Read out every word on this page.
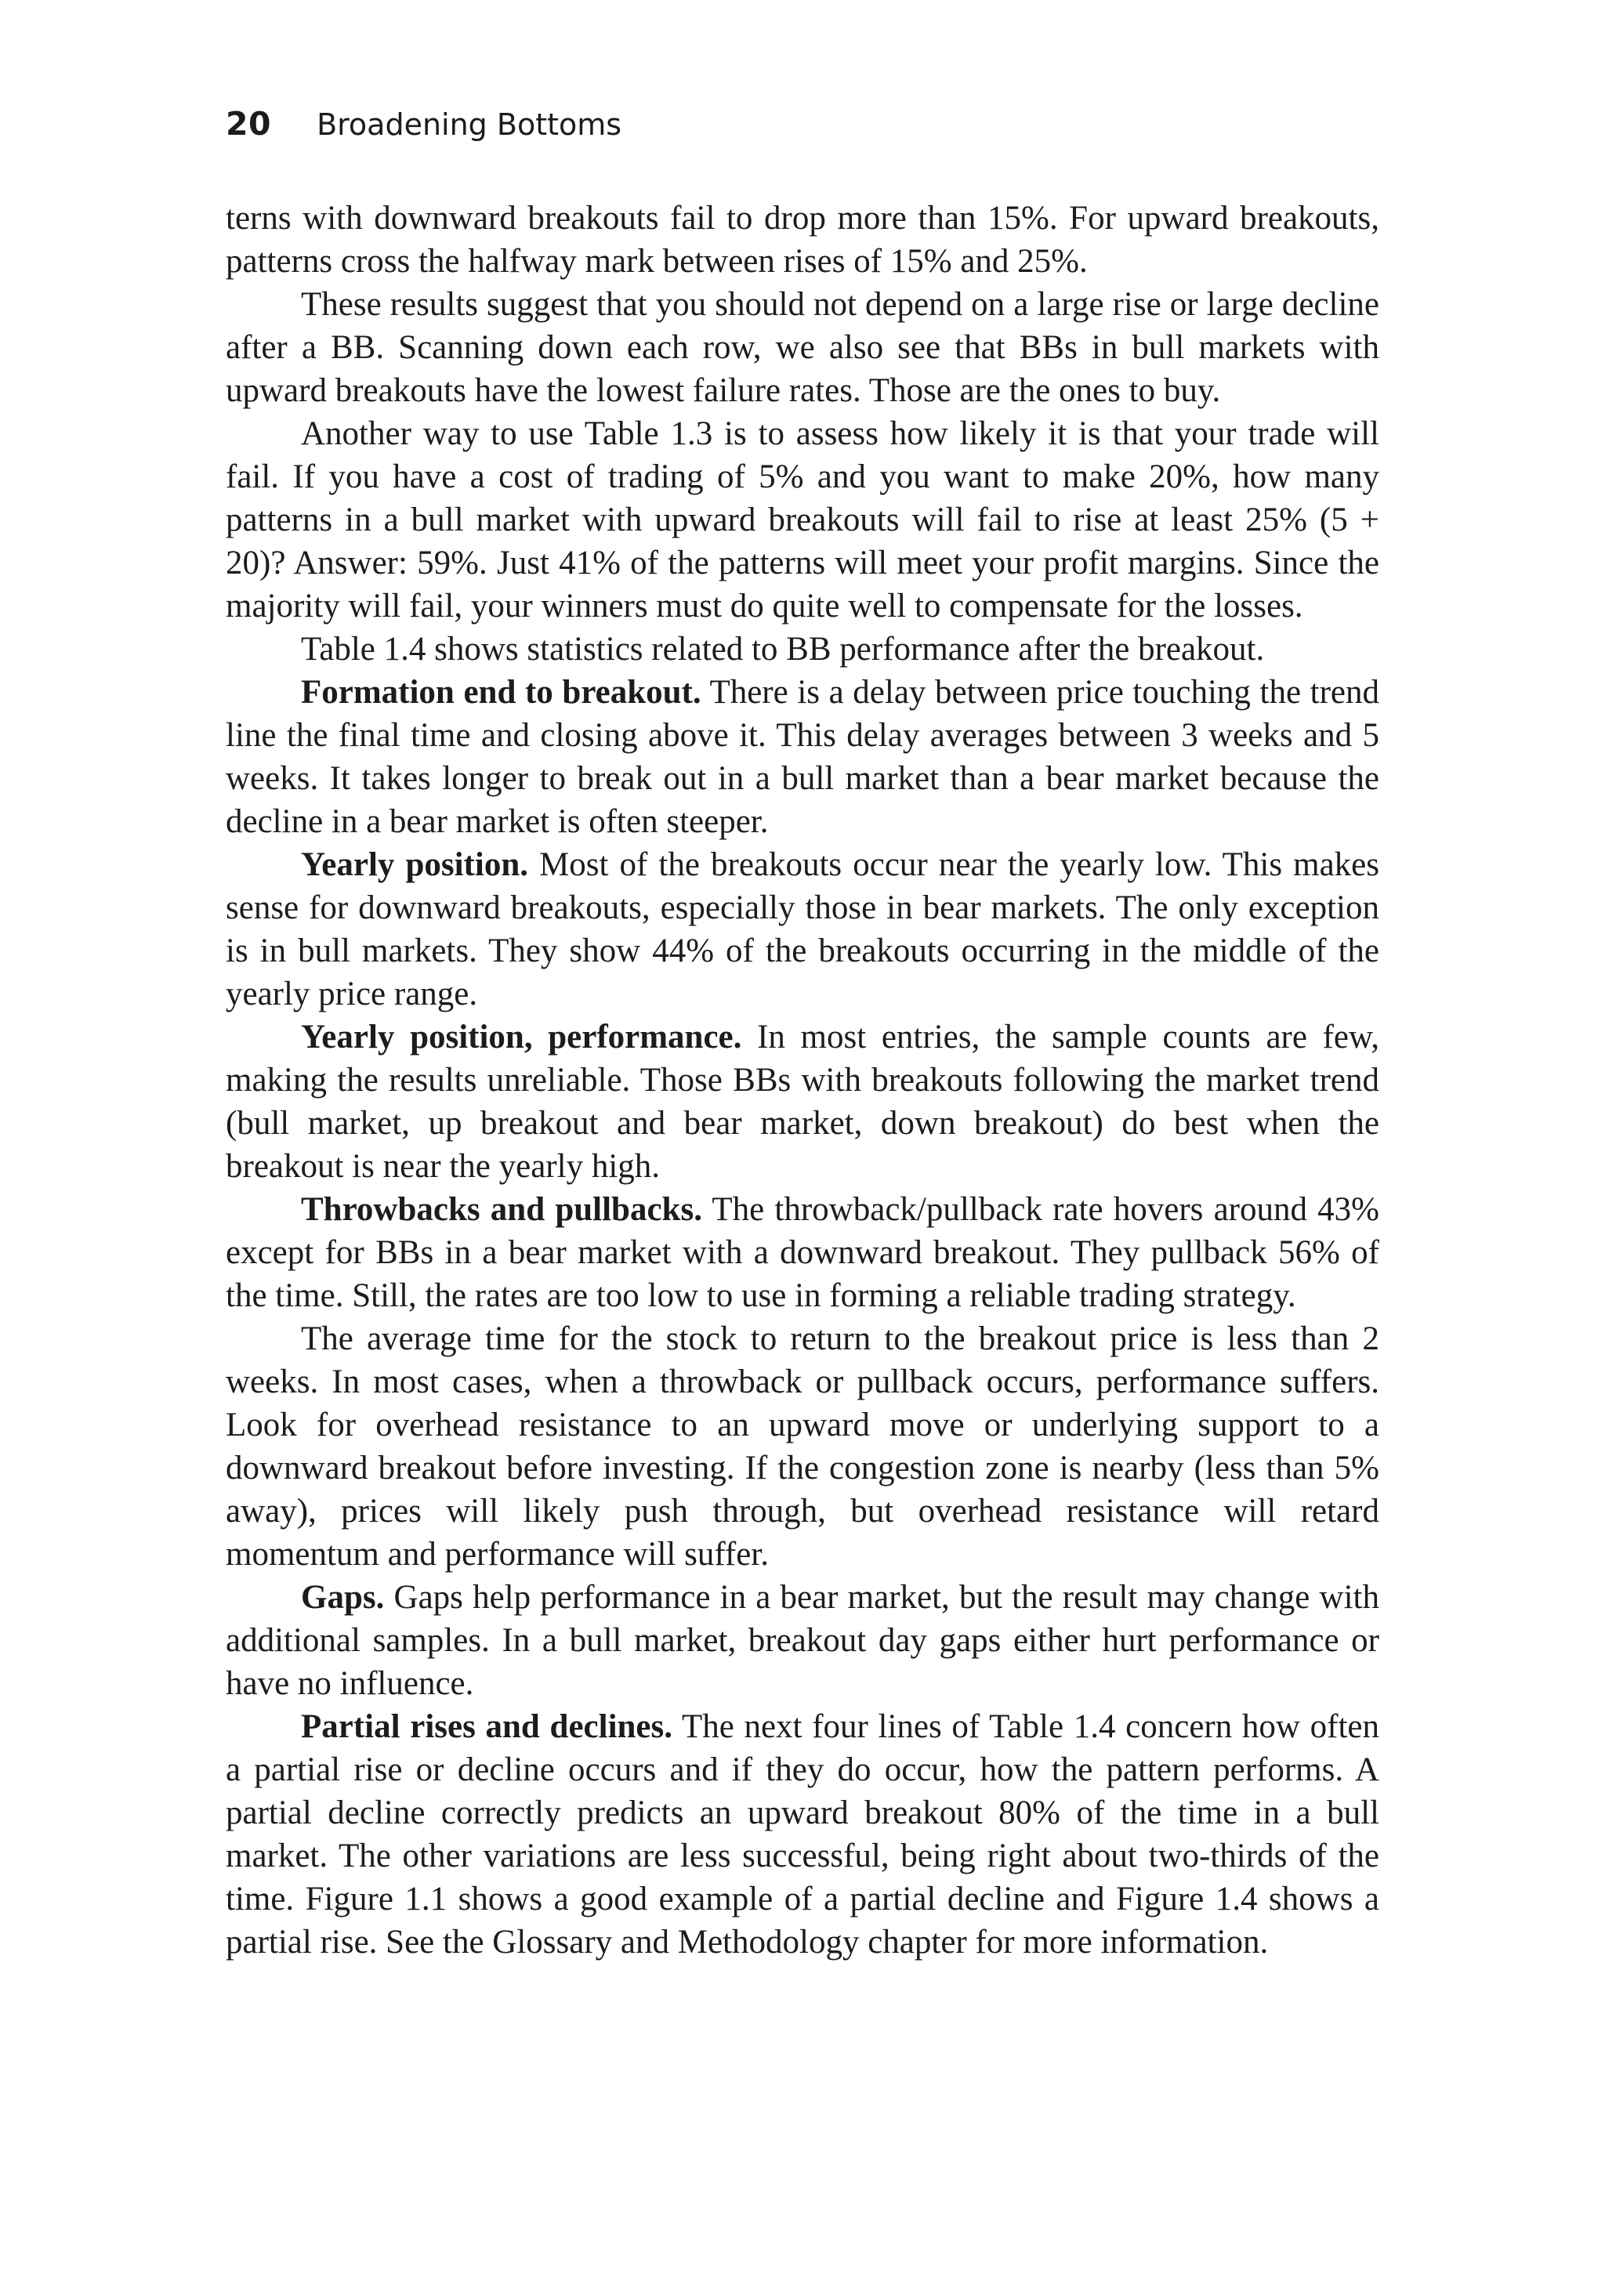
20 Broadening Bottoms

terns with downward breakouts fail to drop more than 15%. For upward breakouts, patterns cross the halfway mark between rises of 15% and 25%.

These results suggest that you should not depend on a large rise or large decline after a BB. Scanning down each row, we also see that BBs in bull markets with upward breakouts have the lowest failure rates. Those are the ones to buy.

Another way to use Table 1.3 is to assess how likely it is that your trade will fail. If you have a cost of trading of 5% and you want to make 20%, how many patterns in a bull market with upward breakouts will fail to rise at least 25% (5 + 20)? Answer: 59%. Just 41% of the patterns will meet your profit margins. Since the majority will fail, your winners must do quite well to compensate for the losses.

Table 1.4 shows statistics related to BB performance after the breakout.

Formation end to breakout. There is a delay between price touching the trend line the final time and closing above it. This delay averages between 3 weeks and 5 weeks. It takes longer to break out in a bull market than a bear market because the decline in a bear market is often steeper.

Yearly position. Most of the breakouts occur near the yearly low. This makes sense for downward breakouts, especially those in bear markets. The only exception is in bull markets. They show 44% of the breakouts occurring in the middle of the yearly price range.

Yearly position, performance. In most entries, the sample counts are few, making the results unreliable. Those BBs with breakouts following the market trend (bull market, up breakout and bear market, down breakout) do best when the breakout is near the yearly high.

Throwbacks and pullbacks. The throwback/pullback rate hovers around 43% except for BBs in a bear market with a downward breakout. They pullback 56% of the time. Still, the rates are too low to use in forming a reliable trading strategy.

The average time for the stock to return to the breakout price is less than 2 weeks. In most cases, when a throwback or pullback occurs, performance suffers. Look for overhead resistance to an upward move or underlying support to a downward breakout before investing. If the congestion zone is nearby (less than 5% away), prices will likely push through, but overhead resistance will retard momentum and performance will suffer.

Gaps. Gaps help performance in a bear market, but the result may change with additional samples. In a bull market, breakout day gaps either hurt performance or have no influence.

Partial rises and declines. The next four lines of Table 1.4 concern how often a partial rise or decline occurs and if they do occur, how the pattern performs. A partial decline correctly predicts an upward breakout 80% of the time in a bull market. The other variations are less successful, being right about two-thirds of the time. Figure 1.1 shows a good example of a partial decline and Figure 1.4 shows a partial rise. See the Glossary and Methodology chapter for more information.
